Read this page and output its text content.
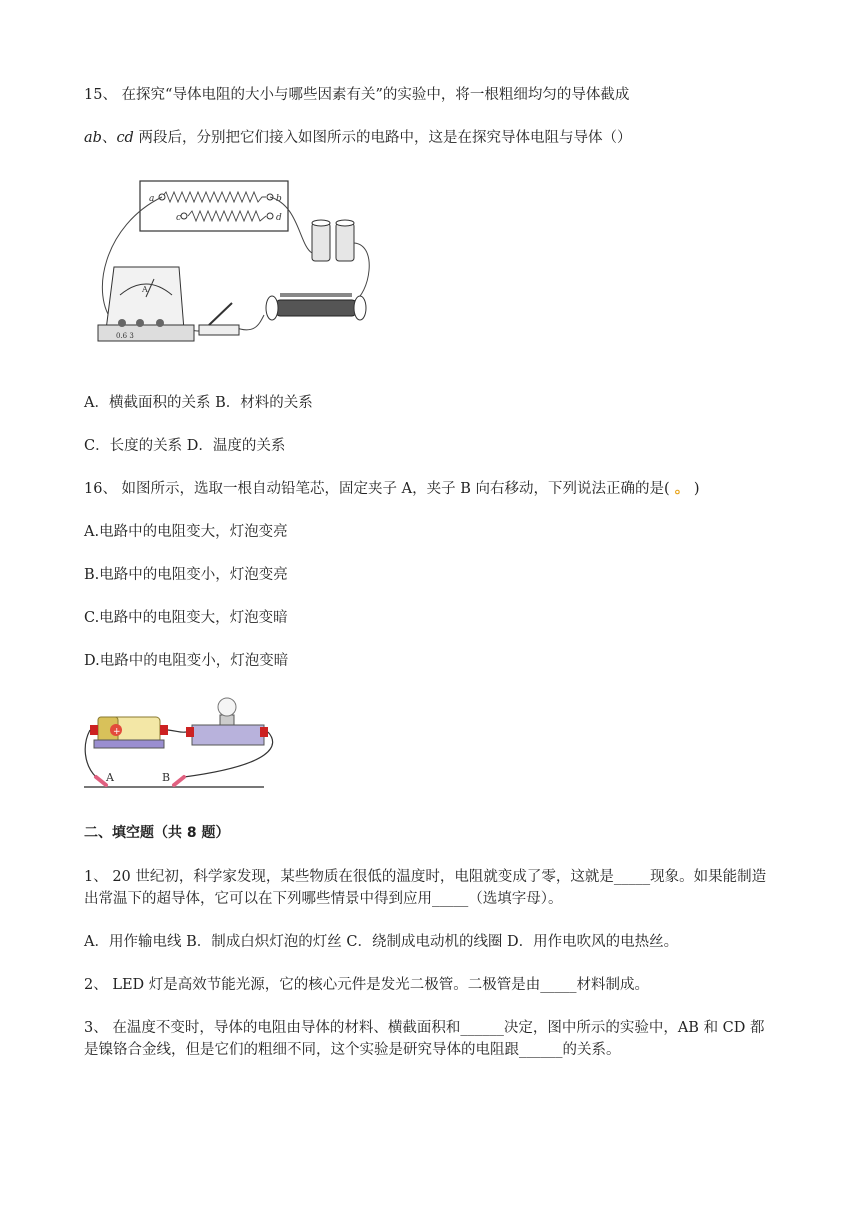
15、 在探究“导体电阻的大小与哪些因素有关”的实验中，将一根粗细均匀的导体截成
ab、cd 两段后，分别把它们接入如图所示的电路中，这是在探究导体电阻与导体（）
a	b
c	d
A
0.6 3
A．横截面积的关系 B．材料的关系
C．长度的关系 D．温度的关系
16、 如图所示，选取一根自动铅笔芯，固定夹子 A，夹子 B 向右移动，下列说法正确的是( 。 )
A.电路中的电阻变大，灯泡变亮
B.电路中的电阻变小，灯泡变亮
C.电路中的电阻变大，灯泡变暗
D.电路中的电阻变小，灯泡变暗
+
A	B
二、填空题（共 8 题）
1、 20 世纪初，科学家发现，某些物质在很低的温度时，电阻就变成了零，这就是_____现象。如果能制造出常温下的超导体，它可以在下列哪些情景中得到应用_____（选填字母）。
A．用作输电线 B．制成白炽灯泡的灯丝 C．绕制成电动机的线圈 D．用作电吹风的电热丝。
2、 LED 灯是高效节能光源，它的核心元件是发光二极管。二极管是由_____材料制成。
3、 在温度不变时，导体的电阻由导体的材料、横截面积和______决定，图中所示的实验中，AB 和 CD 都是镍铬合金线，但是它们的粗细不同，这个实验是研究导体的电阻跟______的关系。
